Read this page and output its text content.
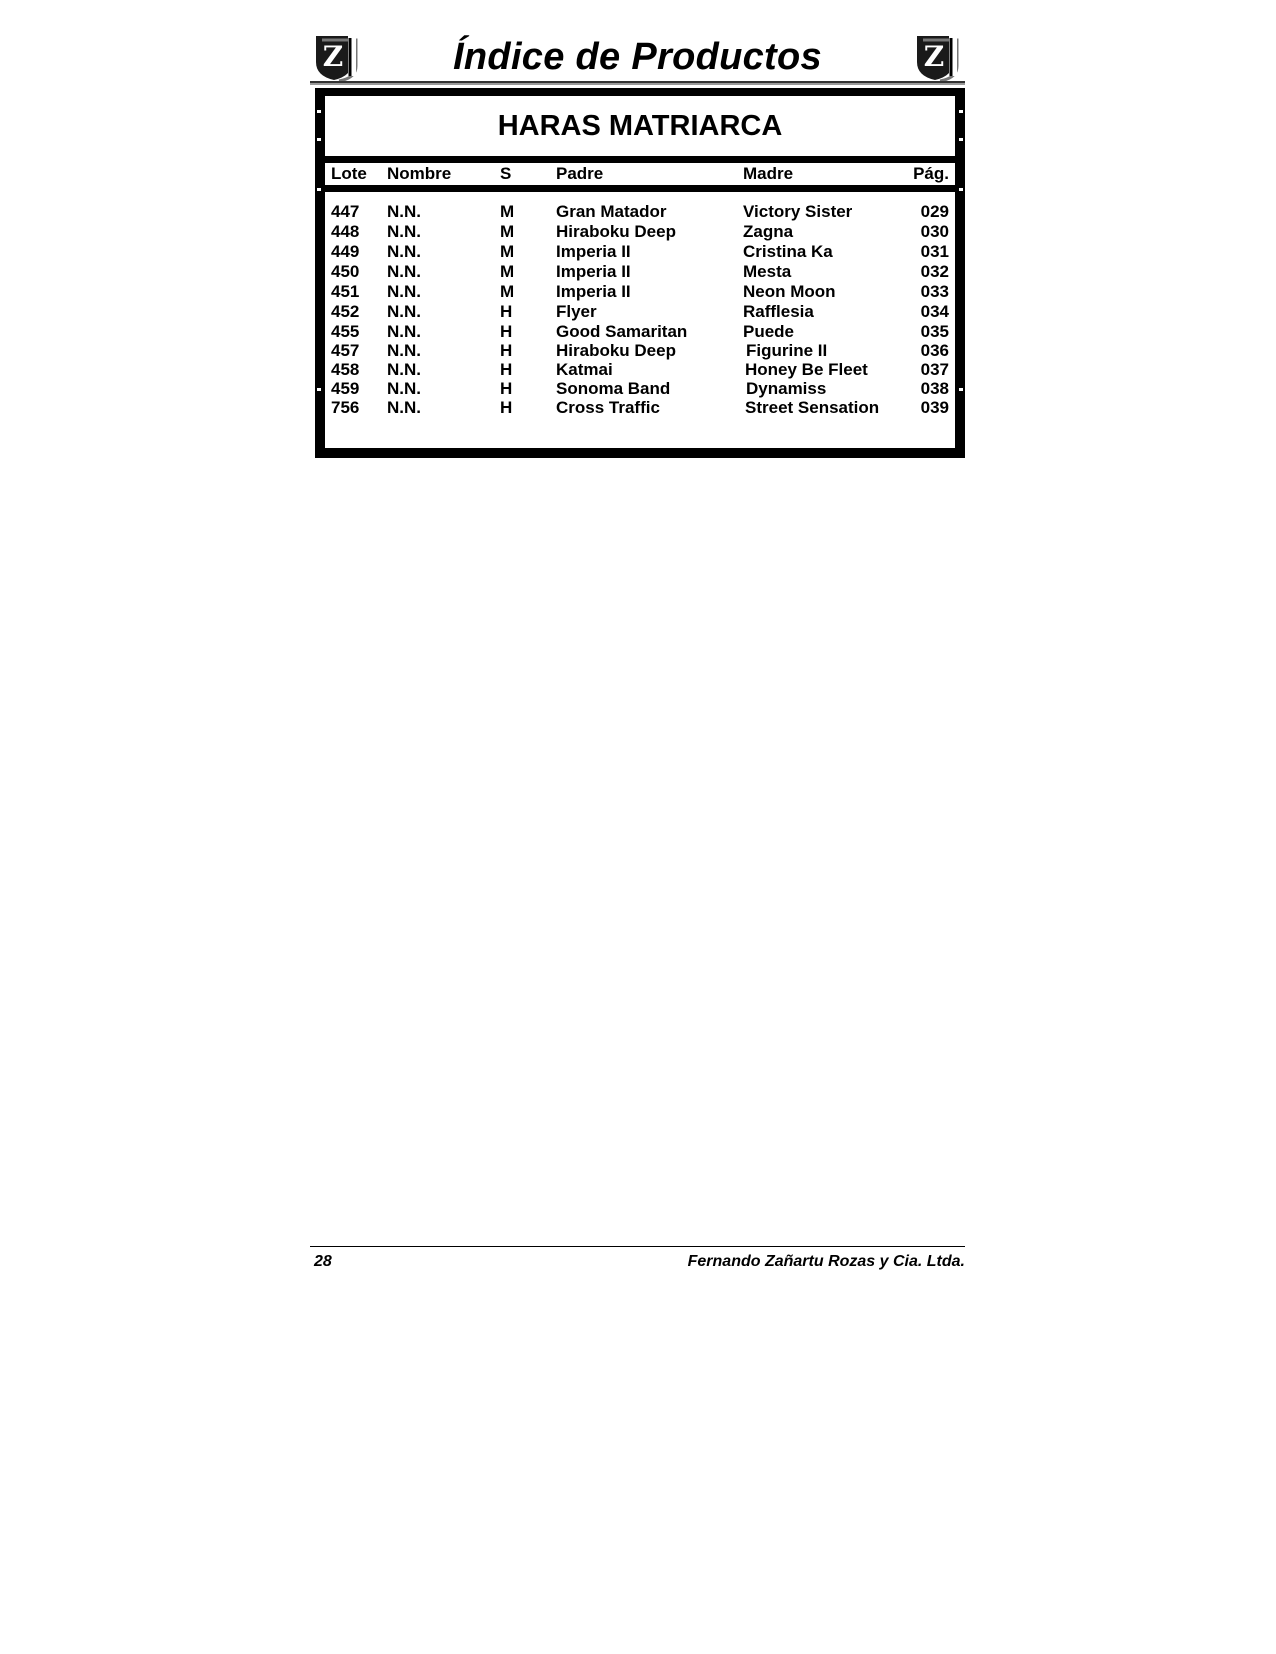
Z	Índice de Productos	Z
HARAS MATRIARCA
Lote Nombre	S	Padre	Madre	Pág.
447 N.N.	M Gran Matador	Victory Sister	029
448 N.N.	M Hiraboku Deep	Zagna	030
449 N.N.	M Imperia II	Cristina Ka	031
450 N.N.	M Imperia II	Mesta	032
451 N.N.	M Imperia II	Neon Moon	033
452 N.N.	H	Flyer	Rafflesia	034
455 N.N.	H	Good Samaritan	Puede	035
457 N.N.	H	Hiraboku Deep	Figurine II	036
458 N.N.	H	Katmai	Honey Be Fleet	037
459 N.N.	H	Sonoma Band	Dynamiss	038
756 N.N.	H	Cross Traffic	Street Sensation 039
28	Fernando Zañartu Rozas y Cia. Ltda.
